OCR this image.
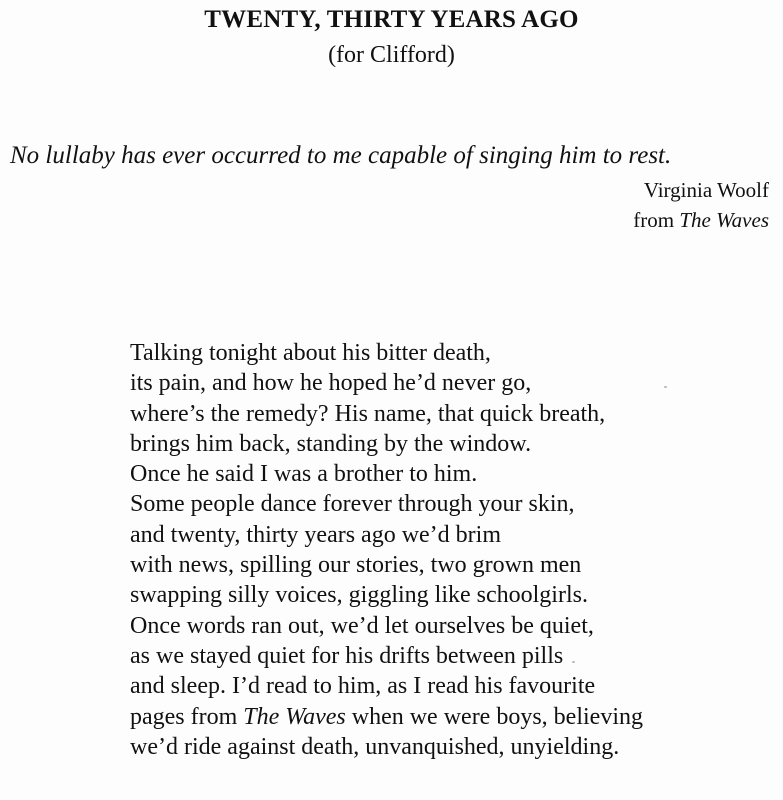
TWENTY, THIRTY YEARS AGO

(for Clifford)

No lullaby has ever occurred to me capable of singing him to rest.

Virginia Woolf
from The Waves
Talking tonight about his bitter death,
its pain, and how he hoped he’d never go,
where’s the remedy? His name, that quick breath,
brings him back, standing by the window.
Once he said I was a brother to him.
Some people dance forever through your skin,
and twenty, thirty years ago we’d brim
with news, spilling our stories, two grown men
swapping silly voices, giggling like schoolgirls.
Once words ran out, we’d let ourselves be quiet,
as we stayed quiet for his drifts between pills
and sleep. I’d read to him, as I read his favourite
pages from The Waves when we were boys, believing
we’d ride against death, unvanquished, unyielding.
